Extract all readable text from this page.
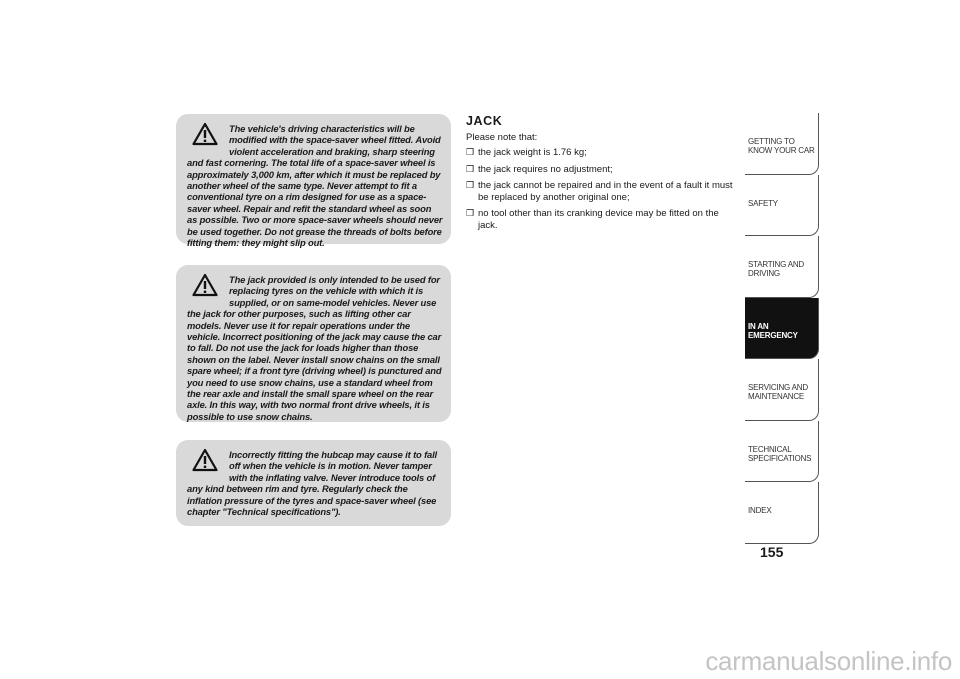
The vehicle's driving characteristics will be modified with the space-saver wheel fitted. Avoid violent acceleration and braking, sharp steering and fast cornering. The total life of a space-saver wheel is approximately 3,000 km, after which it must be replaced by another wheel of the same type. Never attempt to fit a conventional tyre on a rim designed for use as a space-saver wheel. Repair and refit the standard wheel as soon as possible. Two or more space-saver wheels should never be used together. Do not grease the threads of bolts before fitting them: they might slip out.

The jack provided is only intended to be used for replacing tyres on the vehicle with which it is supplied, or on same-model vehicles. Never use the jack for other purposes, such as lifting other car models. Never use it for repair operations under the vehicle. Incorrect positioning of the jack may cause the car to fall. Do not use the jack for loads higher than those shown on the label. Never install snow chains on the small spare wheel; if a front tyre (driving wheel) is punctured and you need to use snow chains, use a standard wheel from the rear axle and install the small spare wheel on the rear axle. In this way, with two normal front drive wheels, it is possible to use snow chains.

Incorrectly fitting the hubcap may cause it to fall off when the vehicle is in motion. Never tamper with the inflating valve. Never introduce tools of any kind between rim and tyre. Regularly check the inflation pressure of the tyres and space-saver wheel (see chapter "Technical specifications").

JACK

Please note that:

❒ the jack weight is 1.76 kg;
❒ the jack requires no adjustment;
❒ the jack cannot be repaired and in the event of a fault it must be replaced by another original one;
❒ no tool other than its cranking device may be fitted on the jack.
GETTING TO KNOW YOUR CAR
SAFETY
STARTING AND DRIVING
IN AN EMERGENCY
SERVICING AND MAINTENANCE
TECHNICAL SPECIFICATIONS
INDEX
155
carmanualsonline.info
